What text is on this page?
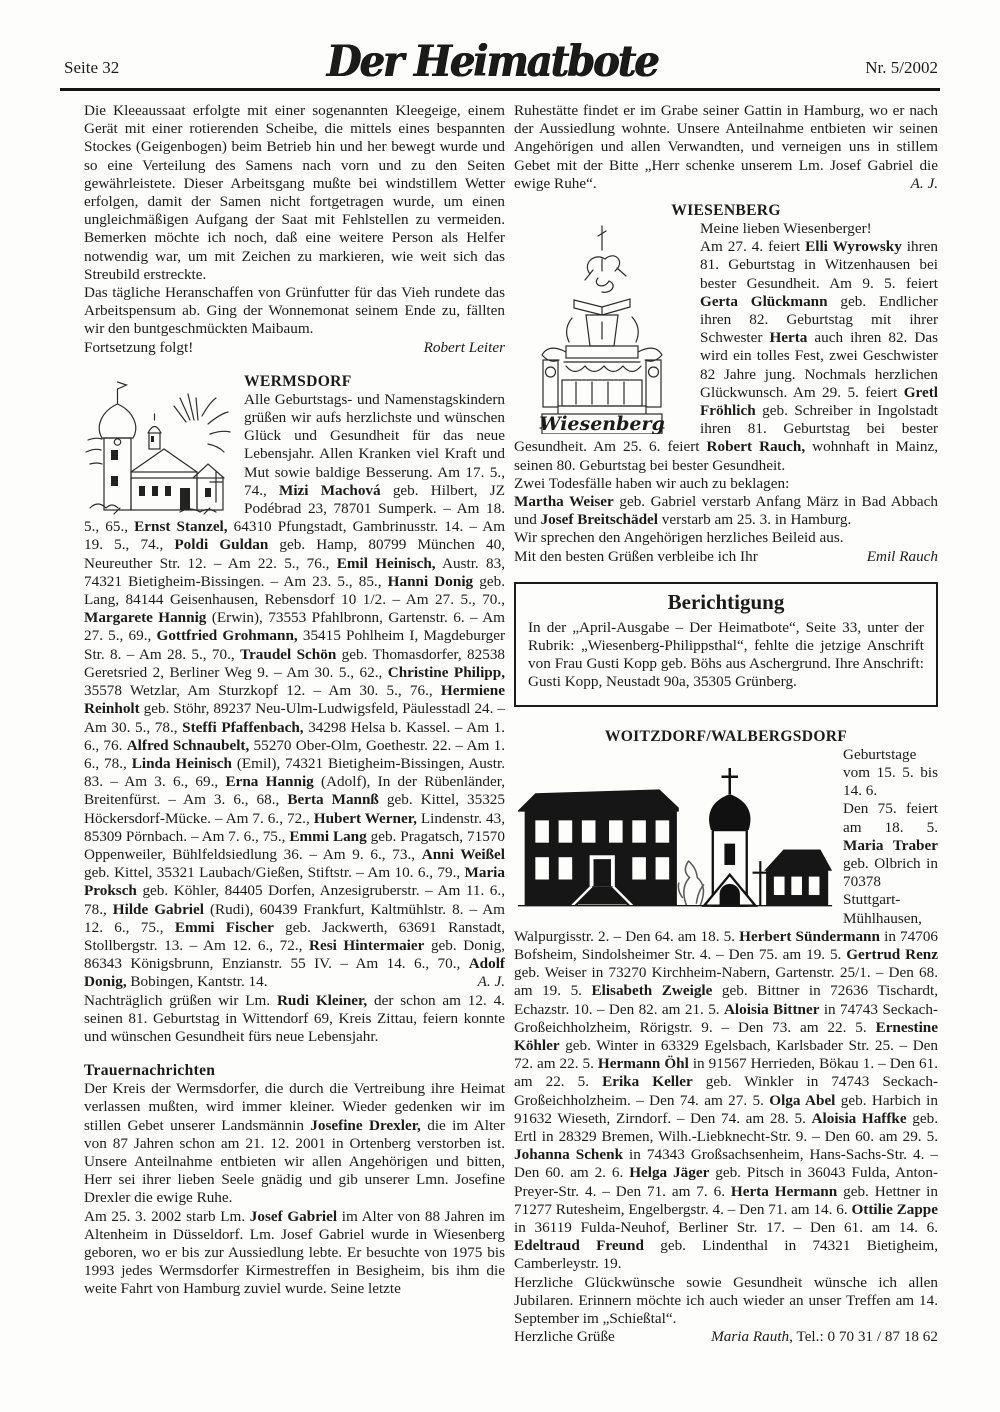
Seite 32	Der Heimatbote	Nr. 5/2002

Die Kleeaussaat erfolgte mit einer sogenannten Kleegeige, einem Gerät mit einer rotierenden Scheibe, die mittels eines bespannten Stockes (Geigenbogen) beim Betrieb hin und her bewegt wurde und so eine Verteilung des Samens nach vorn und zu den Seiten gewährleistete. Dieser Arbeitsgang mußte bei windstillem Wetter erfolgen, damit der Samen nicht fortgetragen wurde, um einen ungleichmäßigen Aufgang der Saat mit Fehlstellen zu vermeiden. Bemerken möchte ich noch, daß eine weitere Person als Helfer notwendig war, um mit Zeichen zu markieren, wie weit sich das Streubild erstreckte.

Das tägliche Heranschaffen von Grünfutter für das Vieh rundete das Arbeitspensum ab. Ging der Wonnemonat seinem Ende zu, fällten wir den buntgeschmückten Maibaum.

Fortsetzung folgt!	Robert Leiter
WERMSDORF

Alle Geburtstags- und Namenstagskindern grüßen wir aufs herzlichste und wünschen Glück und Gesundheit für das neue Lebensjahr. Allen Kranken viel Kraft und Mut sowie baldige Besserung. Am 17. 5., 74., Mizi Machová geb. Hilbert, JZ Podébrad 23, 78701 Sumperk. – Am 18. 5., 65., Ernst Stanzel, 64310 Pfungstadt, Gambrinusstr. 14. – Am 19. 5., 74., Poldi Guldan geb. Hamp, 80799 München 40, Neureuther Str. 12. – Am 22. 5., 76., Emil Heinisch, Austr. 83, 74321 Bietigheim-Bissingen. – Am 23. 5., 85., Hanni Donig geb. Lang, 84144 Geisenhausen, Rebensdorf 10 1/2. – Am 27. 5., 70., Margarete Hannig (Erwin), 73553 Pfahlbronn, Gartenstr. 6. – Am 27. 5., 69., Gottfried Grohmann, 35415 Pohlheim I, Magdeburger Str. 8. – Am 28. 5., 70., Traudel Schön geb. Thomasdorfer, 82538 Geretsried 2, Berliner Weg 9. – Am 30. 5., 62., Christine Philipp, 35578 Wetzlar, Am Sturzkopf 12. – Am 30. 5., 76., Hermiene Reinholt geb. Stöhr, 89237 Neu-Ulm-Ludwigsfeld, Päulesstadl 24. – Am 30. 5., 78., Steffi Pfaffenbach, 34298 Helsa b. Kassel. – Am 1. 6., 76. Alfred Schnaubelt, 55270 Ober-Olm, Goethestr. 22. – Am 1. 6., 78., Linda Heinisch (Emil), 74321 Bietigheim-Bissingen, Austr. 83. – Am 3. 6., 69., Erna Hannig (Adolf), In der Rübenländer, Breitenfürst. – Am 3. 6., 68., Berta Mannß geb. Kittel, 35325 Höckersdorf-Mücke. – Am 7. 6., 72., Hubert Werner, Lindenstr. 43, 85309 Pörnbach. – Am 7. 6., 75., Emmi Lang geb. Pragatsch, 71570 Oppenweiler, Bühlfeldsiedlung 36. – Am 9. 6., 73., Anni Weißel geb. Kittel, 35321 Laubach/Gießen, Stiftstr. – Am 10. 6., 79., Maria Proksch geb. Köhler, 84405 Dorfen, Anzesigruberstr. – Am 11. 6., 78., Hilde Gabriel (Rudi), 60439 Frankfurt, Kaltmühlstr. 8. – Am 12. 6., 75., Emmi Fischer geb. Jackwerth, 63691 Ranstadt, Stollbergstr. 13. – Am 12. 6., 72., Resi Hintermaier geb. Donig, 86343 Königsbrunn, Enzianstr. 55 IV. – Am 14. 6., 70., Adolf Donig, Bobingen, Kantstr. 14.	A. J.

Nachträglich grüßen wir Lm. Rudi Kleiner, der schon am 12. 4. seinen 81. Geburtstag in Wittendorf 69, Kreis Zittau, feiern konnte und wünschen Gesundheit fürs neue Lebensjahr.

Trauernachrichten

Der Kreis der Wermsdorfer, die durch die Vertreibung ihre Heimat verlassen mußten, wird immer kleiner. Wieder gedenken wir im stillen Gebet unserer Landsmännin Josefine Drexler, die im Alter von 87 Jahren schon am 21. 12. 2001 in Ortenberg verstorben ist. Unsere Anteilnahme entbieten wir allen Angehörigen und bitten, Herr sei ihrer lieben Seele gnädig und gib unserer Lmn. Josefine Drexler die ewige Ruhe.

Am 25. 3. 2002 starb Lm. Josef Gabriel im Alter von 88 Jahren im Altenheim in Düsseldorf. Lm. Josef Gabriel wurde in Wiesenberg geboren, wo er bis zur Aussiedlung lebte. Er besuchte von 1975 bis 1993 jedes Wermsdorfer Kirmestreffen in Besigheim, bis ihm die weite Fahrt von Hamburg zuviel wurde. Seine letzte

Ruhestätte findet er im Grabe seiner Gattin in Hamburg, wo er nach der Aussiedlung wohnte. Unsere Anteilnahme entbieten wir seinen Angehörigen und allen Verwandten, und verneigen uns in stillem Gebet mit der Bitte „Herr schenke unserem Lm. Josef Gabriel die ewige Ruhe“.	A. J.

WIESENBERG
Wiesenberg

Meine lieben Wiesenberger!
Am 27. 4. feiert Elli Wyrowsky ihren 81. Geburtstag in Witzenhausen bei bester Gesundheit. Am 9. 5. feiert Gerta Glückmann geb. Endlicher ihren 82. Geburtstag mit ihrer Schwester Herta auch ihren 82. Das wird ein tolles Fest, zwei Geschwister 82 Jahre jung. Nochmals herzlichen Glückwunsch. Am 29. 5. feiert Gretl Fröhlich geb. Schreiber in Ingolstadt ihren 81. Geburtstag bei bester Gesundheit. Am 25. 6. feiert Robert Rauch, wohnhaft in Mainz, seinen 80. Geburtstag bei bester Gesundheit.

Zwei Todesfälle haben wir auch zu beklagen:

Martha Weiser geb. Gabriel verstarb Anfang März in Bad Abbach und Josef Breitschädel verstarb am 25. 3. in Hamburg.

Wir sprechen den Angehörigen herzliches Beileid aus.

Mit den besten Grüßen verbleibe ich Ihr	Emil Rauch
Berichtigung

In der „April-Ausgabe – Der Heimatbote“, Seite 33, unter der Rubrik: „Wiesenberg-Philippsthal“, fehlte die jetzige Anschrift von Frau Gusti Kopp geb. Böhs aus Aschergrund. Ihre Anschrift: Gusti Kopp, Neustadt 90a, 35305 Grünberg.

WOITZDORF/WALBERGSDORF

Geburtstage vom 15. 5. bis 14. 6.
Den 75. feiert am 18. 5. Maria Traber geb. Olbrich in 70378 Stuttgart-Mühlhausen, Walpurgisstr. 2. – Den 64. am 18. 5. Herbert Sündermann in 74706 Bofsheim, Sindolsheimer Str. 4. – Den 75. am 19. 5. Gertrud Renz geb. Weiser in 73270 Kirchheim-Nabern, Gartenstr. 25/1. – Den 68. am 19. 5. Elisabeth Zweigle geb. Bittner in 72636 Tischardt, Echazstr. 10. – Den 82. am 21. 5. Aloisia Bittner in 74743 Seckach-Großeichholzheim, Rörigstr. 9. – Den 73. am 22. 5. Ernestine Köhler geb. Winter in 63329 Egelsbach, Karlsbader Str. 25. – Den 72. am 22. 5. Hermann Öhl in 91567 Herrieden, Bökau 1. – Den 61. am 22. 5. Erika Keller geb. Winkler in 74743 Seckach-Großeichholzheim. – Den 74. am 27. 5. Olga Abel geb. Harbich in 91632 Wieseth, Zirndorf. – Den 74. am 28. 5. Aloisia Haffke geb. Ertl in 28329 Bremen, Wilh.-Liebknecht-Str. 9. – Den 60. am 29. 5. Johanna Schenk in 74343 Großsachsenheim, Hans-Sachs-Str. 4. – Den 60. am 2. 6. Helga Jäger geb. Pitsch in 36043 Fulda, Anton-Preyer-Str. 4. – Den 71. am 7. 6. Herta Hermann geb. Hettner in 71277 Rutesheim, Engelbergstr. 4. – Den 71. am 14. 6. Ottilie Zappe in 36119 Fulda-Neuhof, Berliner Str. 17. – Den 61. am 14. 6. Edeltraud Freund geb. Lindenthal in 74321 Bietigheim, Camberleystr. 19.

Herzliche Glückwünsche sowie Gesundheit wünsche ich allen Jubilaren. Erinnern möchte ich auch wieder an unser Treffen am 14. September im „Schießtal“.

Herzliche Grüße	Maria Rauth, Tel.: 0 70 31 / 87 18 62
